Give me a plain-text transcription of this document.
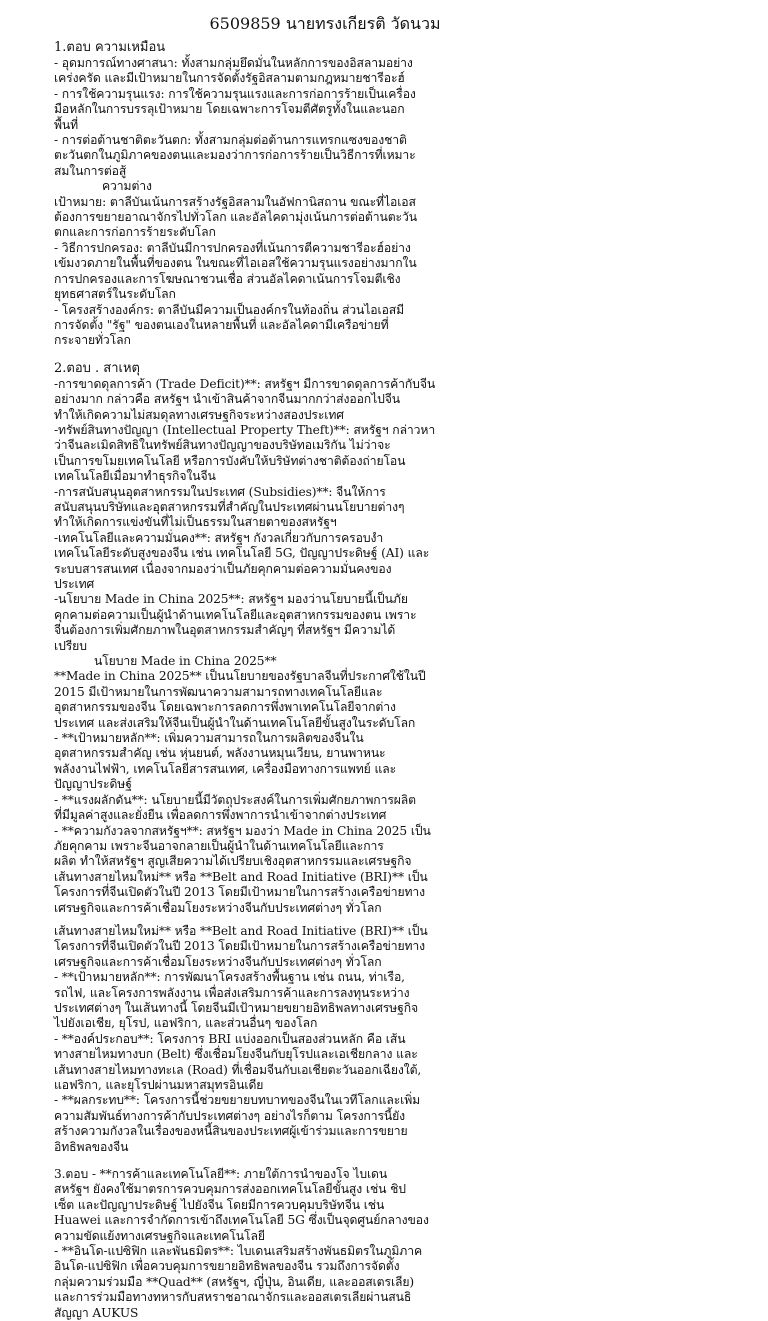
6509859 นายทรงเกียรติ วัดนวม

1.ตอบ ความเหมือน

- อุดมการณ์ทางศาสนา: ทั้งสามกลุ่มยึดมั่นในหลักการของอิสลามอย่าง

เคร่งครัด และมีเป้าหมายในการจัดตั้งรัฐอิสลามตามกฎหมายชารีอะฮ์

- การใช้ความรุนแรง: การใช้ความรุนแรงและการก่อการร้ายเป็นเครื่อง

มือหลักในการบรรลุเป้าหมาย โดยเฉพาะการโจมตีศัตรูทั้งในและนอก

พื้นที่

- การต่อต้านชาติตะวันตก: ทั้งสามกลุ่มต่อต้านการแทรกแซงของชาติ

ตะวันตกในภูมิภาคของตนและมองว่าการก่อการร้ายเป็นวิธีการที่เหมาะ

สมในการต่อสู้

ความต่าง

เป้าหมาย: ตาลีบันเน้นการสร้างรัฐอิสลามในอัฟกานิสถาน ขณะที่ไอเอส

ต้องการขยายอาณาจักรไปทั่วโลก และอัลไคดามุ่งเน้นการต่อต้านตะวัน

ตกและการก่อการร้ายระดับโลก

- วิธีการปกครอง: ตาลีบันมีการปกครองที่เน้นการตีความชารีอะฮ์อย่าง

เข้มงวดภายในพื้นที่ของตน ในขณะที่ไอเอสใช้ความรุนแรงอย่างมากใน

การปกครองและการโฆษณาชวนเชื่อ ส่วนอัลไคดาเน้นการโจมตีเชิง

ยุทธศาสตร์ในระดับโลก

- โครงสร้างองค์กร: ตาลีบันมีความเป็นองค์กรในท้องถิ่น ส่วนไอเอสมี

การจัดตั้ง "รัฐ" ของตนเองในหลายพื้นที่ และอัลไคดามีเครือข่ายที่

กระจายทั่วโลก

2.ตอบ . สาเหตุ

-การขาดดุลการค้า (Trade Deficit)**: สหรัฐฯ มีการขาดดุลการค้ากับจีน

อย่างมาก กล่าวคือ สหรัฐฯ นำเข้าสินค้าจากจีนมากกว่าส่งออกไปจีน

ทำให้เกิดความไม่สมดุลทางเศรษฐกิจระหว่างสองประเทศ

-ทรัพย์สินทางปัญญา (Intellectual Property Theft)**: สหรัฐฯ กล่าวหา

ว่าจีนละเมิดสิทธิในทรัพย์สินทางปัญญาของบริษัทอเมริกัน ไม่ว่าจะ

เป็นการขโมยเทคโนโลยี หรือการบังคับให้บริษัทต่างชาติต้องถ่ายโอน

เทคโนโลยีเมื่อมาทำธุรกิจในจีน

-การสนับสนุนอุตสาหกรรมในประเทศ (Subsidies)**: จีนให้การ

สนับสนุนบริษัทและอุตสาหกรรมที่สำคัญในประเทศผ่านนโยบายต่างๆ

ทำให้เกิดการแข่งขันที่ไม่เป็นธรรมในสายตาของสหรัฐฯ

-เทคโนโลยีและความมั่นคง**: สหรัฐฯ กังวลเกี่ยวกับการครอบงำ

เทคโนโลยีระดับสูงของจีน เช่น เทคโนโลยี 5G, ปัญญาประดิษฐ์ (AI) และ

ระบบสารสนเทศ เนื่องจากมองว่าเป็นภัยคุกคามต่อความมั่นคงของ

ประเทศ

-นโยบาย Made in China 2025**: สหรัฐฯ มองว่านโยบายนี้เป็นภัย

คุกคามต่อความเป็นผู้นำด้านเทคโนโลยีและอุตสาหกรรมของตน เพราะ

จีนต้องการเพิ่มศักยภาพในอุตสาหกรรมสำคัญๆ ที่สหรัฐฯ มีความได้

เปรียบ

นโยบาย Made in China 2025**

**Made in China 2025** เป็นนโยบายของรัฐบาลจีนที่ประกาศใช้ในปี

2015 มีเป้าหมายในการพัฒนาความสามารถทางเทคโนโลยีและ

อุตสาหกรรมของจีน โดยเฉพาะการลดการพึ่งพาเทคโนโลยีจากต่าง

ประเทศ และส่งเสริมให้จีนเป็นผู้นำในด้านเทคโนโลยีขั้นสูงในระดับโลก

- **เป้าหมายหลัก**: เพิ่มความสามารถในการผลิตของจีนใน

อุตสาหกรรมสำคัญ เช่น หุ่นยนต์, พลังงานหมุนเวียน, ยานพาหนะ

พลังงานไฟฟ้า, เทคโนโลยีสารสนเทศ, เครื่องมือทางการแพทย์ และ

ปัญญาประดิษฐ์

- **แรงผลักดัน**: นโยบายนี้มีวัตถุประสงค์ในการเพิ่มศักยภาพการผลิต

ที่มีมูลค่าสูงและยั่งยืน เพื่อลดการพึ่งพาการนำเข้าจากต่างประเทศ

- **ความกังวลจากสหรัฐฯ**: สหรัฐฯ มองว่า Made in China 2025 เป็น

ภัยคุกคาม เพราะจีนอาจกลายเป็นผู้นำในด้านเทคโนโลยีและการ

ผลิต ทำให้สหรัฐฯ สูญเสียความได้เปรียบเชิงอุตสาหกรรมและเศรษฐกิจ

เส้นทางสายไหมใหม่** หรือ **Belt and Road Initiative (BRI)** เป็น

โครงการที่จีนเปิดตัวในปี 2013 โดยมีเป้าหมายในการสร้างเครือข่ายทาง

เศรษฐกิจและการค้าเชื่อมโยงระหว่างจีนกับประเทศต่างๆ ทั่วโลก

เส้นทางสายไหมใหม่** หรือ **Belt and Road Initiative (BRI)** เป็น

โครงการที่จีนเปิดตัวในปี 2013 โดยมีเป้าหมายในการสร้างเครือข่ายทาง

เศรษฐกิจและการค้าเชื่อมโยงระหว่างจีนกับประเทศต่างๆ ทั่วโลก

- **เป้าหมายหลัก**: การพัฒนาโครงสร้างพื้นฐาน เช่น ถนน, ท่าเรือ,

รถไฟ, และโครงการพลังงาน เพื่อส่งเสริมการค้าและการลงทุนระหว่าง

ประเทศต่างๆ ในเส้นทางนี้ โดยจีนมีเป้าหมายขยายอิทธิพลทางเศรษฐกิจ

ไปยังเอเชีย, ยุโรป, แอฟริกา, และส่วนอื่นๆ ของโลก

- **องค์ประกอบ**: โครงการ BRI แบ่งออกเป็นสองส่วนหลัก คือ เส้น

ทางสายไหมทางบก (Belt) ซึ่งเชื่อมโยงจีนกับยุโรปและเอเชียกลาง และ

เส้นทางสายไหมทางทะเล (Road) ที่เชื่อมจีนกับเอเชียตะวันออกเฉียงใต้,

แอฟริกา, และยุโรปผ่านมหาสมุทรอินเดีย

- **ผลกระทบ**: โครงการนี้ช่วยขยายบทบาทของจีนในเวทีโลกและเพิ่ม

ความสัมพันธ์ทางการค้ากับประเทศต่างๆ อย่างไรก็ตาม โครงการนี้ยัง

สร้างความกังวลในเรื่องของหนี้สินของประเทศผู้เข้าร่วมและการขยาย

อิทธิพลของจีน

3.ตอบ - **การค้าและเทคโนโลยี**: ภายใต้การนำของโจ ไบเดน

สหรัฐฯ ยังคงใช้มาตรการควบคุมการส่งออกเทคโนโลยีขั้นสูง เช่น ชิป

เซ็ต และปัญญาประดิษฐ์ ไปยังจีน โดยมีการควบคุมบริษัทจีน เช่น

Huawei และการจำกัดการเข้าถึงเทคโนโลยี 5G ซึ่งเป็นจุดศูนย์กลางของ

ความขัดแย้งทางเศรษฐกิจและเทคโนโลยี

- **อินโด-แปซิฟิก และพันธมิตร**: ไบเดนเสริมสร้างพันธมิตรในภูมิภาค

อินโด-แปซิฟิก เพื่อควบคุมการขยายอิทธิพลของจีน รวมถึงการจัดตั้ง

กลุ่มความร่วมมือ **Quad** (สหรัฐฯ, ญี่ปุ่น, อินเดีย, และออสเตรเลีย)

และการร่วมมือทางทหารกับสหราชอาณาจักรและออสเตรเลียผ่านสนธิ

สัญญา AUKUS
